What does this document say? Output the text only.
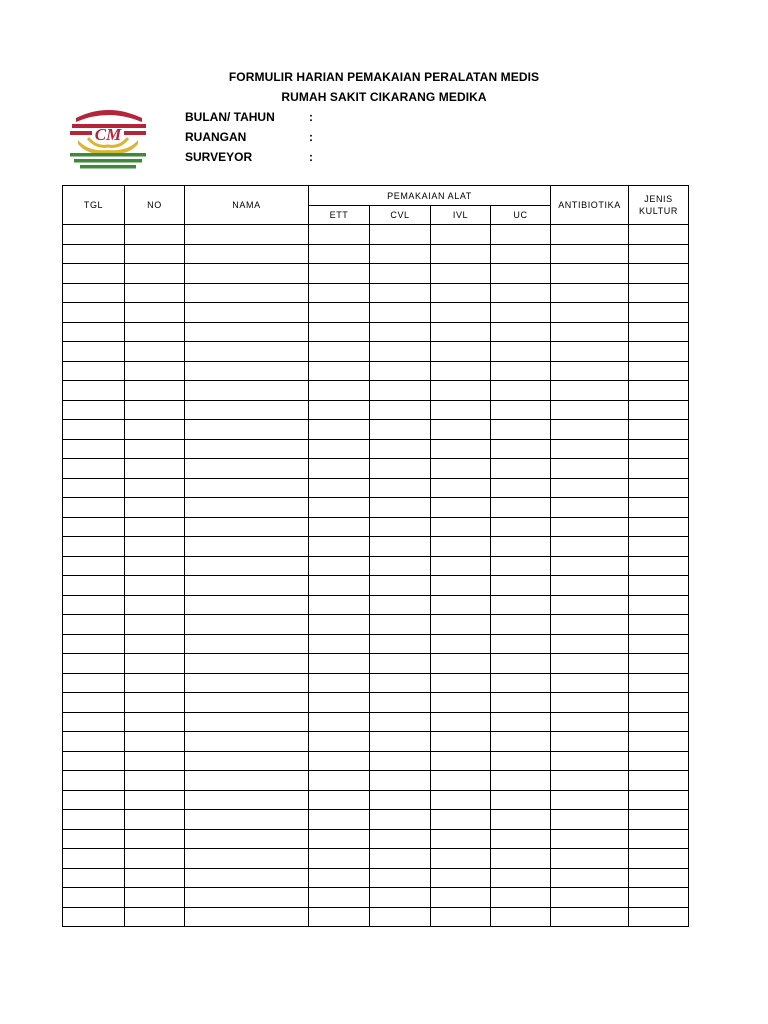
FORMULIR HARIAN PEMAKAIAN PERALATAN MEDIS
RUMAH SAKIT CIKARANG MEDIKA
CM
BULAN/ TAHUN	:
RUANGAN	:
SURVEYOR	:
TGL	NO	NAMA	PEMAKAIAN ALAT				ANTIBIOTIKA	JENIS
KULTUR
			ETT	CVL	IVL	UC		
